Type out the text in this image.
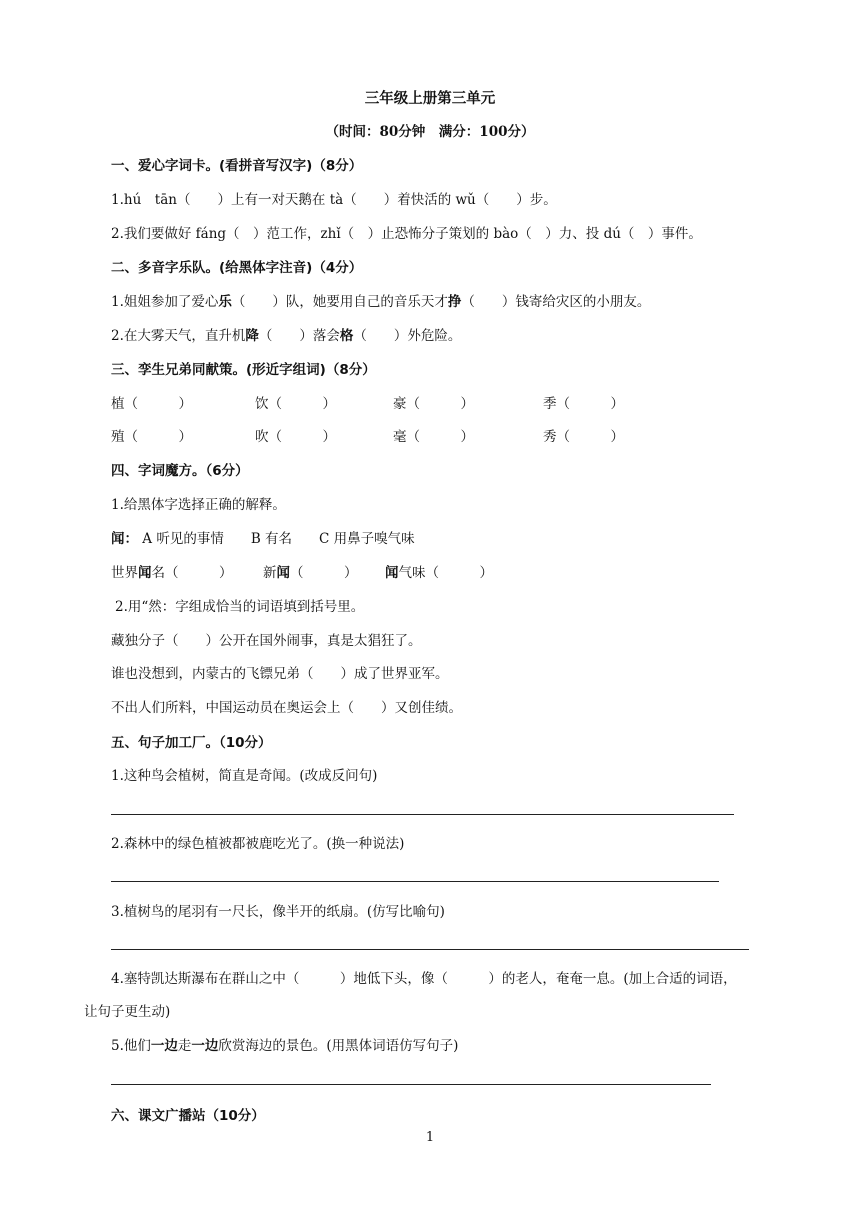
三年级上册第三单元
（时间：80分钟　满分：100分）
一、爱心字词卡。(看拼音写汉字)（8分）
1.hú　tān（　　）上有一对天鹅在 tà（　　）着快活的 wǔ（　　）步。
2.我们要做好 fáng（　）范工作，zhǐ（　）止恐怖分子策划的 bào（　）力、投 dú（　）事件。
二、多音字乐队。(给黑体字注音)（4分）
1.姐姐参加了爱心乐（　　）队，她要用自己的音乐天才挣（　　）钱寄给灾区的小朋友。
2.在大雾天气，直升机降（　　）落会格（　　）外危险。
三、孪生兄弟同献策。(形近字组词)（8分）
植（　　　）	饮（　　　）	豪（　　　）	季（　　　）
殖（　　　）	吹（　　　）	毫（　　　）	秀（　　　）
四、字词魔方。（6分）
1.给黑体字选择正确的解释。
闻： A 听见的事情　　B 有名　　C 用鼻子嗅气味
世界闻名（　　　） 新闻（　　　） 闻气味（　　　）
2.用“然：字组成恰当的词语填到括号里。
藏独分子（　　）公开在国外闹事，真是太猖狂了。
谁也没想到，内蒙古的飞镖兄弟（　　）成了世界亚军。
不出人们所料，中国运动员在奥运会上（　　）又创佳绩。
五、句子加工厂。（10分）
1.这种鸟会植树，简直是奇闻。(改成反问句)
2.森林中的绿色植被都被鹿吃光了。(换一种说法)
3.植树鸟的尾羽有一尺长，像半开的纸扇。(仿写比喻句)
4.塞特凯达斯瀑布在群山之中（　　　）地低下头，像（　　　）的老人，奄奄一息。(加上合适的词语，
让句子更生动)
5.他们一边走一边欣赏海边的景色。(用黑体词语仿写句子)
六、课文广播站（10分）
1
